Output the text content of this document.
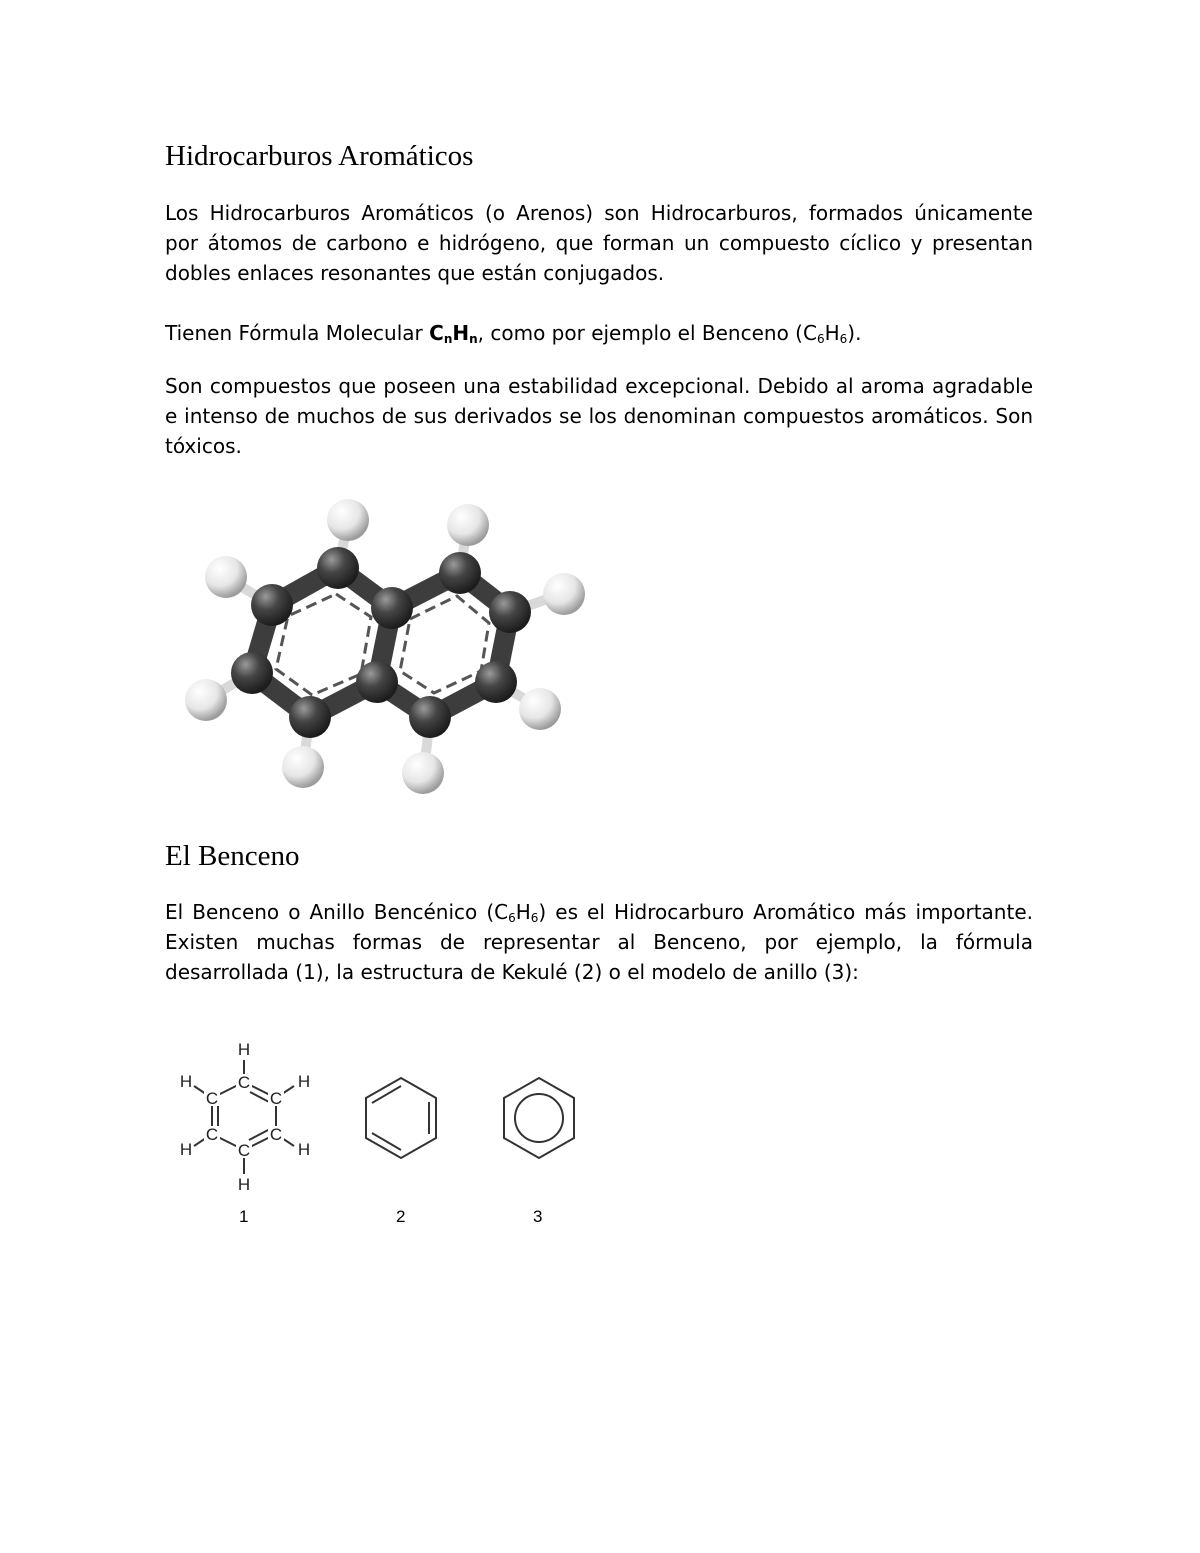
Hidrocarburos Aromáticos

Los Hidrocarburos Aromáticos (o Arenos) son Hidrocarburos, formados únicamente por átomos de carbono e hidrógeno, que forman un compuesto cíclico y presentan dobles enlaces resonantes que están conjugados.

Tienen Fórmula Molecular $C_nH_n$, como por ejemplo el Benceno $(C_6H_6)$.

Son compuestos que poseen una estabilidad excepcional. Debido al aroma agradable e intenso de muchos de sus derivados se los denominan compuestos aromáticos. Son tóxicos.

El Benceno

El Benceno o Anillo Bencénico $(C_6H_6)$ es el Hidrocarburo Aromático más importante. Existen muchas formas de representar al Benceno, por ejemplo, la fórmula desarrollada (1), la estructura de Kekulé (2) o el modelo de anillo (3):

C
C
C
C
C
C
H
H
H
H
H
H
1	2	3
